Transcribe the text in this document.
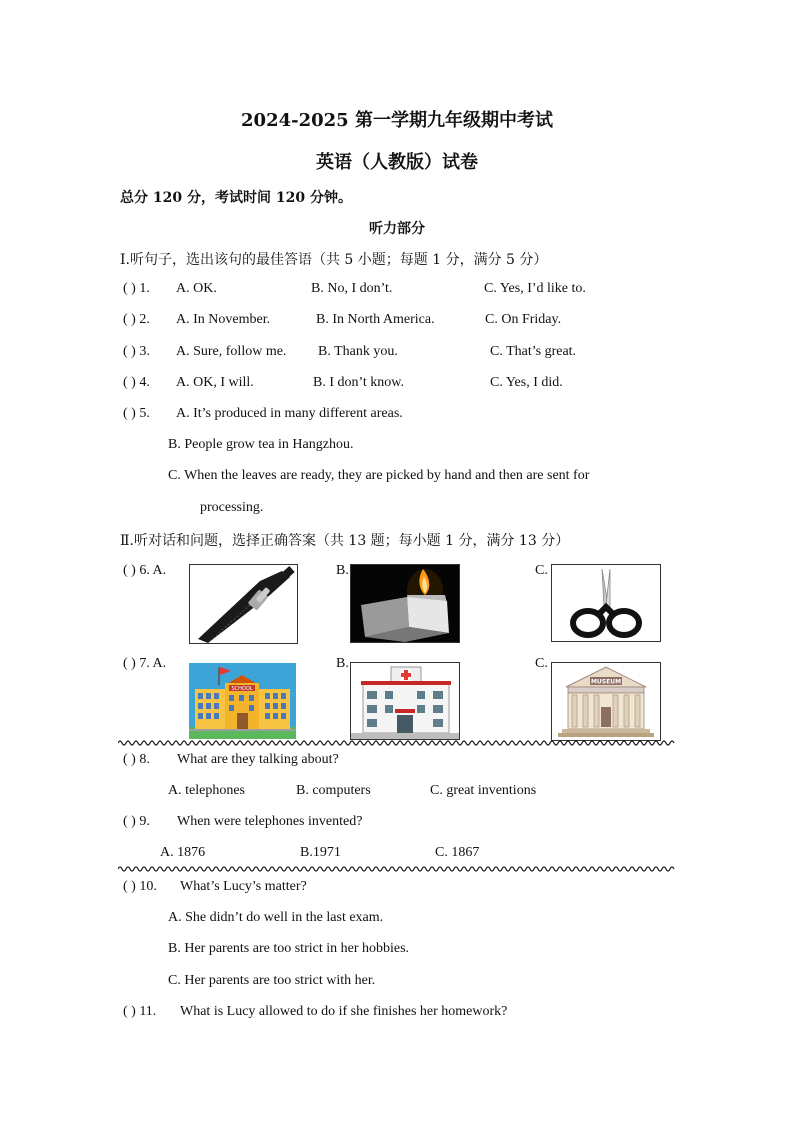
2024-2025 第一学期九年级期中考试
英语（人教版）试卷
总分 120 分，考试时间 120 分钟。
听力部分
Ⅰ.听句子，选出该句的最佳答语（共 5 小题；每题 1 分，满分 5 分）
( ) 1. A. OK.	B. No, I don’t.	C. Yes, I’d like to.
( ) 2. A. In November.	B. In North America.	C. On Friday.
( ) 3. A. Sure, follow me. B. Thank you.	C. That’s great.
( ) 4. A. OK, I will.	B. I don’t know.	C. Yes, I did.
( ) 5. A. It’s produced in many different areas.
B. People grow tea in Hangzhou.
C. When the leaves are ready, they are picked by hand and then are sent for
processing.
Ⅱ.听对话和问题，选择正确答案（共 13 题；每小题 1 分，满分 13 分）
( ) 6. A.	B.	C.
( ) 7. A.
SCHOOL
B.	C.
MUSEUM
( ) 8. What are they talking about?
A. telephones	B. computers	C. great inventions
( ) 9. When were telephones invented?
A. 1876	B.1971	C. 1867
( ) 10. What’s Lucy’s matter?
A. She didn’t do well in the last exam.
B. Her parents are too strict in her hobbies.
C. Her parents are too strict with her.
( ) 11. What is Lucy allowed to do if she finishes her homework?
